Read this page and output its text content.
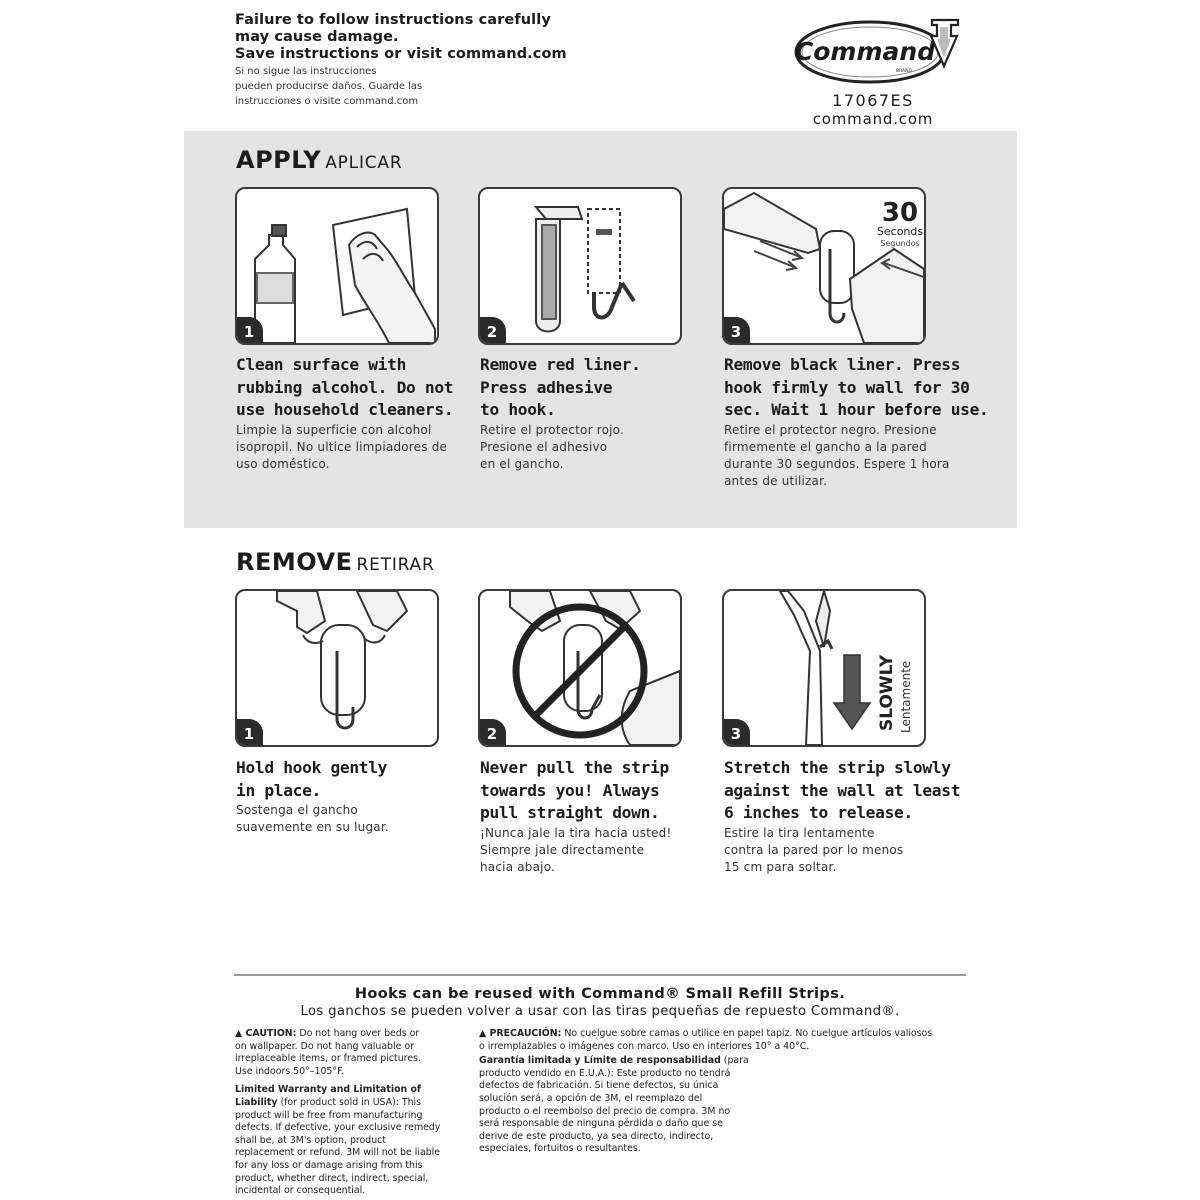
Failure to follow instructions carefully
may cause damage.
Save instructions or visit command.com
Si no sigue las instrucciones
pueden producirse daños. Guarde las
instrucciones o visite command.com
Command
BRAND
17067ES
command.com
APPLY APLICAR
1	2
30
Seconds
Segundos
3
Clean surface with
rubbing alcohol. Do not
use household cleaners.
Limpie la superficie con alcohol
isopropil. No ultice limpiadores de
uso doméstico.
Remove red liner.
Press adhesive
to hook.
Retire el protector rojo.
Presione el adhesivo
en el gancho.
Remove black liner. Press
hook firmly to wall for 30
sec. Wait 1 hour before use.
Retire el protector negro. Presione
firmemente el gancho a la pared
durante 30 segundos. Espere 1 hora
antes de utilizar.
REMOVE RETIRAR
1	2
SLOWLY Lentamente
3
Hold hook gently
in place.
Sostenga el gancho
suavemente en su lugar.
Never pull the strip
towards you! Always
pull straight down.
¡Nunca jale la tira hacia usted!
Siempre jale directamente
hacia abajo.
Stretch the strip slowly
against the wall at least
6 inches to release.
Estire la tira lentamente
contra la pared por lo menos
15 cm para soltar.
Hooks can be reused with Command® Small Refill Strips.
Los ganchos se pueden volver a usar con las tiras pequeñas de repuesto Command®.
▲ CAUTION: Do not hang over beds or
on wallpaper. Do not hang valuable or
irreplaceable items, or framed pictures.
Use indoors 50°–105°F.
Limited Warranty and Limitation of
Liability (for product sold in USA): This
product will be free from manufacturing
defects. If defective, your exclusive remedy
shall be, at 3M's option, product
replacement or refund. 3M will not be liable
for any loss or damage arising from this
product, whether direct, indirect, special,
incidental or consequential.
▲ PRECAUCIÓN: No cuelgue sobre camas o utilice en papel tapiz. No cuelgue artículos valiosos
o irremplazables o imágenes con marco. Uso en interiores 10° a 40°C.
Garantía limitada y Límite de responsabilidad (para
producto vendido en E.U.A.): Este producto no tendrá
defectos de fabricación. Si tiene defectos, su única
solución será, a opción de 3M, el reemplazo del
producto o el reembolso del precio de compra. 3M no
será responsable de ninguna pérdida o daño que se
derive de este producto, ya sea directo, indirecto,
especiales, fortuitos o resultantes.
